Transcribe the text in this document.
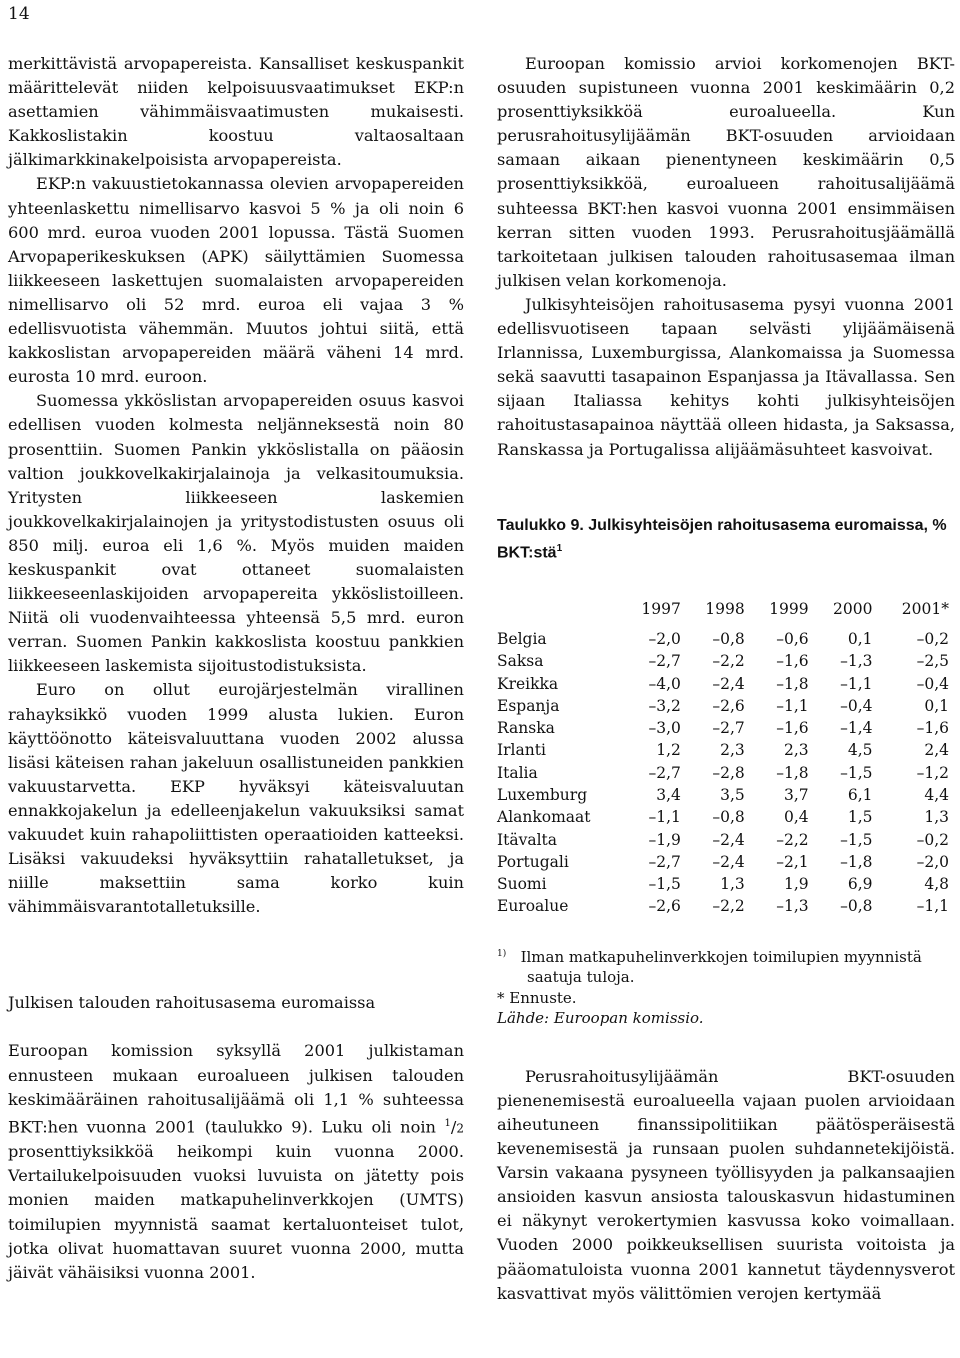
14

merkittävistä arvopapereista. Kansalliset keskuspankit määrittelevät niiden kelpoisuusvaatimukset EKP:n asettamien vähimmäisvaatimusten mukaisesti. Kakkoslistakin koostuu valtaosaltaan jälkimarkkinakelpoisista arvopapereista.

EKP:n vakuustietokannassa olevien arvopapereiden yhteenlaskettu nimellisarvo kasvoi 5 % ja oli noin 6 600 mrd. euroa vuoden 2001 lopussa. Tästä Suomen Arvopaperikeskuksen (APK) säilyttämien Suomessa liikkeeseen laskettujen suomalaisten arvopapereiden nimellisarvo oli 52 mrd. euroa eli vajaa 3 % edellisvuotista vähemmän. Muutos johtui siitä, että kakkoslistan arvopapereiden määrä väheni 14 mrd. eurosta 10 mrd. euroon.

Suomessa ykköslistan arvopapereiden osuus kasvoi edellisen vuoden kolmesta neljänneksestä noin 80 prosenttiin. Suomen Pankin ykköslistalla on pääosin valtion joukkovelkakirjalainoja ja velkasitoumuksia. Yritysten liikkeeseen laskemien joukkovelkakirjalainojen ja yritystodistusten osuus oli 850 milj. euroa eli 1,6 %. Myös muiden maiden keskuspankit ovat ottaneet suomalaisten liikkeeseenlaskijoiden arvopapereita ykköslistoilleen. Niitä oli vuodenvaihteessa yhteensä 5,5 mrd. euron verran. Suomen Pankin kakkoslista koostuu pankkien liikkeeseen laskemista sijoitustodistuksista.

Euro on ollut eurojärjestelmän virallinen rahayksikkö vuoden 1999 alusta lukien. Euron käyttöönotto käteisvaluuttana vuoden 2002 alussa lisäsi käteisen rahan jakeluun osallistuneiden pankkien vakuustarvetta. EKP hyväksyi käteisvaluutan ennakkojakelun ja edelleenjakelun vakuuksiksi samat vakuudet kuin rahapoliittisten operaatioiden katteeksi. Lisäksi vakuudeksi hyväksyttiin rahatalletukset, ja niille maksettiin sama korko kuin vähimmäisvarantotalletuksille.

Julkisen talouden rahoitusasema euromaissa

Euroopan komission syksyllä 2001 julkistaman ennusteen mukaan euroalueen julkisen talouden keskimääräinen rahoitusalijäämä oli 1,1 % suhteessa BKT:hen vuonna 2001 (taulukko 9). Luku oli noin $^1$/2 prosenttiyksikköä heikompi kuin vuonna 2000. Vertailukelpoisuuden vuoksi luvuista on jätetty pois monien maiden matkapuhelinverkkojen (UMTS) toimilupien myynnistä saamat kertaluonteiset tulot, jotka olivat huomattavan suuret vuonna 2000, mutta jäivät vähäisiksi vuonna 2001.

Euroopan komissio arvioi korkomenojen BKT-osuuden supistuneen vuonna 2001 keskimäärin 0,2 prosenttiyksikköä euroalueella. Kun perusrahoitusylijäämän BKT-osuuden arvioidaan samaan aikaan pienentyneen keskimäärin 0,5 prosenttiyksikköä, euroalueen rahoitusalijäämä suhteessa BKT:hen kasvoi vuonna 2001 ensimmäisen kerran sitten vuoden 1993. Perusrahoitusjäämällä tarkoitetaan julkisen talouden rahoitusasemaa ilman julkisen velan korkomenoja.

Julkisyhteisöjen rahoitusasema pysyi vuonna 2001 edellisvuotiseen tapaan selvästi ylijäämäisenä Irlannissa, Luxemburgissa, Alankomaissa ja Suomessa sekä saavutti tasapainon Espanjassa ja Itävallassa. Sen sijaan Italiassa kehitys kohti julkisyhteisöjen rahoitustasapainoa näyttää olleen hidasta, ja Saksassa, Ranskassa ja Portugalissa alijäämäsuhteet kasvoivat.

Taulukko 9. Julkisyhteisöjen rahoitusasema euromaissa, % BKT:stä$^1$
	1997	1998	1999	2000	2001*
Belgia	–2,0	–0,8	–0,6	0,1	–0,2
Saksa	–2,7	–2,2	–1,6	–1,3	–2,5
Kreikka	–4,0	–2,4	–1,8	–1,1	–0,4
Espanja	–3,2	–2,6	–1,1	–0,4	0,1
Ranska	–3,0	–2,7	–1,6	–1,4	–1,6
Irlanti	1,2	2,3	2,3	4,5	2,4
Italia	–2,7	–2,8	–1,8	–1,5	–1,2
Luxemburg	3,4	3,5	3,7	6,1	4,4
Alankomaat	–1,1	–0,8	0,4	1,5	1,3
Itävalta	–1,9	–2,4	–2,2	–1,5	–0,2
Portugali	–2,7	–2,4	–2,1	–1,8	–2,0
Suomi	–1,5	1,3	1,9	6,9	4,8
Euroalue	–2,6	–2,2	–1,3	–0,8	–1,1
$^{1)}$ Ilman matkapuhelinverkkojen toimilupien myynnistä saatuja tuloja.
* Ennuste.
Lähde: Euroopan komissio.

Perusrahoitusylijäämän BKT-osuuden pienenemisestä euroalueella vajaan puolen arvioidaan aiheutuneen finanssipolitiikan päätösperäisestä kevenemisestä ja runsaan puolen suhdannetekijöistä. Varsin vakaana pysyneen työllisyyden ja palkansaajien ansioiden kasvun ansiosta talouskasvun hidastuminen ei näkynyt verokertymien kasvussa koko voimallaan. Vuoden 2000 poikkeuksellisen suurista voitoista ja pääomatuloista vuonna 2001 kannetut täydennysverot kasvattivat myös välittömien verojen kertymää
